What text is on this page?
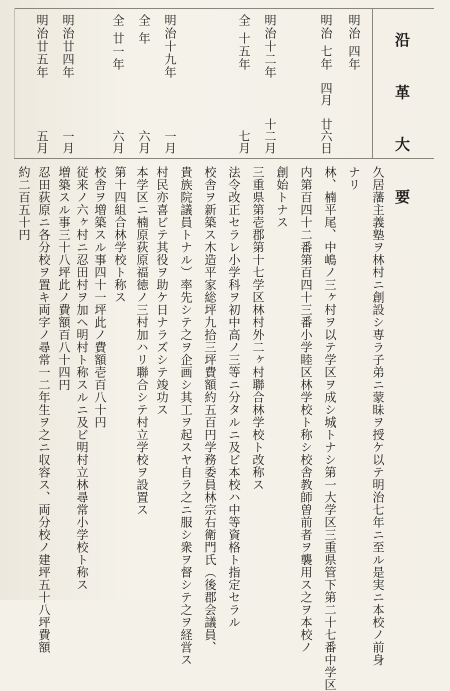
沿 革 大 要
明治 四年
明治 七年
四月
廿六日
明治十二年
十二月
全 十五年
七月
明治十九年
一月
全 年
六月
全 廿一年
六月
明治廿四年
一月
明治廿五年
五月
久居藩主義塾ヲ林村ニ創設シ専ラ子弟ニ蒙昧ヲ授ケ以テ明治七年ニ至ル是実ニ本校ノ前身
ナリ
林、楠平尾、中嶋ノ三ヶ村ヲ以テ学区ヲ成シ城トナシ第一大学区三重県管下第二十七番中学区
内第百四十二番第百四十三番小学睦区林学校ト称シ校舎教師曽前者ヲ襲用ス之ヲ本校ノ
創始トナス
三重県第壱郡第十七学区林村外二ヶ村聯合林学校ト改称ス
法令改正セラレ小学科ヲ初中高ノ三等ニ分タルニ及ビ本校ハ中等資格ト指定セラル
校舎ヲ新築ス木造平家総坪九拾三坪費額約五百円学務委員林宗右衛門氏（後郡会議員、
貴族院議員トナル）率先シテ之ヲ企画シ其工ヲ起スヤ自ラ之ニ服シ衆ヲ督シテ之ヲ経営ス
村民亦喜ビテ其役ヲ助ケ日ナラズシテ竣功ス
本学区ニ楠原荻原福徳ノ三村加ハリ聯合シテ村立学校ヲ設置ス
第十四組合林学校ト称ス
校舎ヲ増築スル事四十一坪此ノ費額壱百八十円
従来ノ六ヶ村ニ忍田村ヲ加ヘ明村ト称スルニ及ビ明村立林尋常小学校ト称ス
増築スル事三十八坪此ノ費額百八十四円
忍田荻原ニ各分校ヲ置キ両字ノ尋常一二年生ヲ之ニ収容ス、両分校ノ建坪五十八坪費額
約二百五十円
